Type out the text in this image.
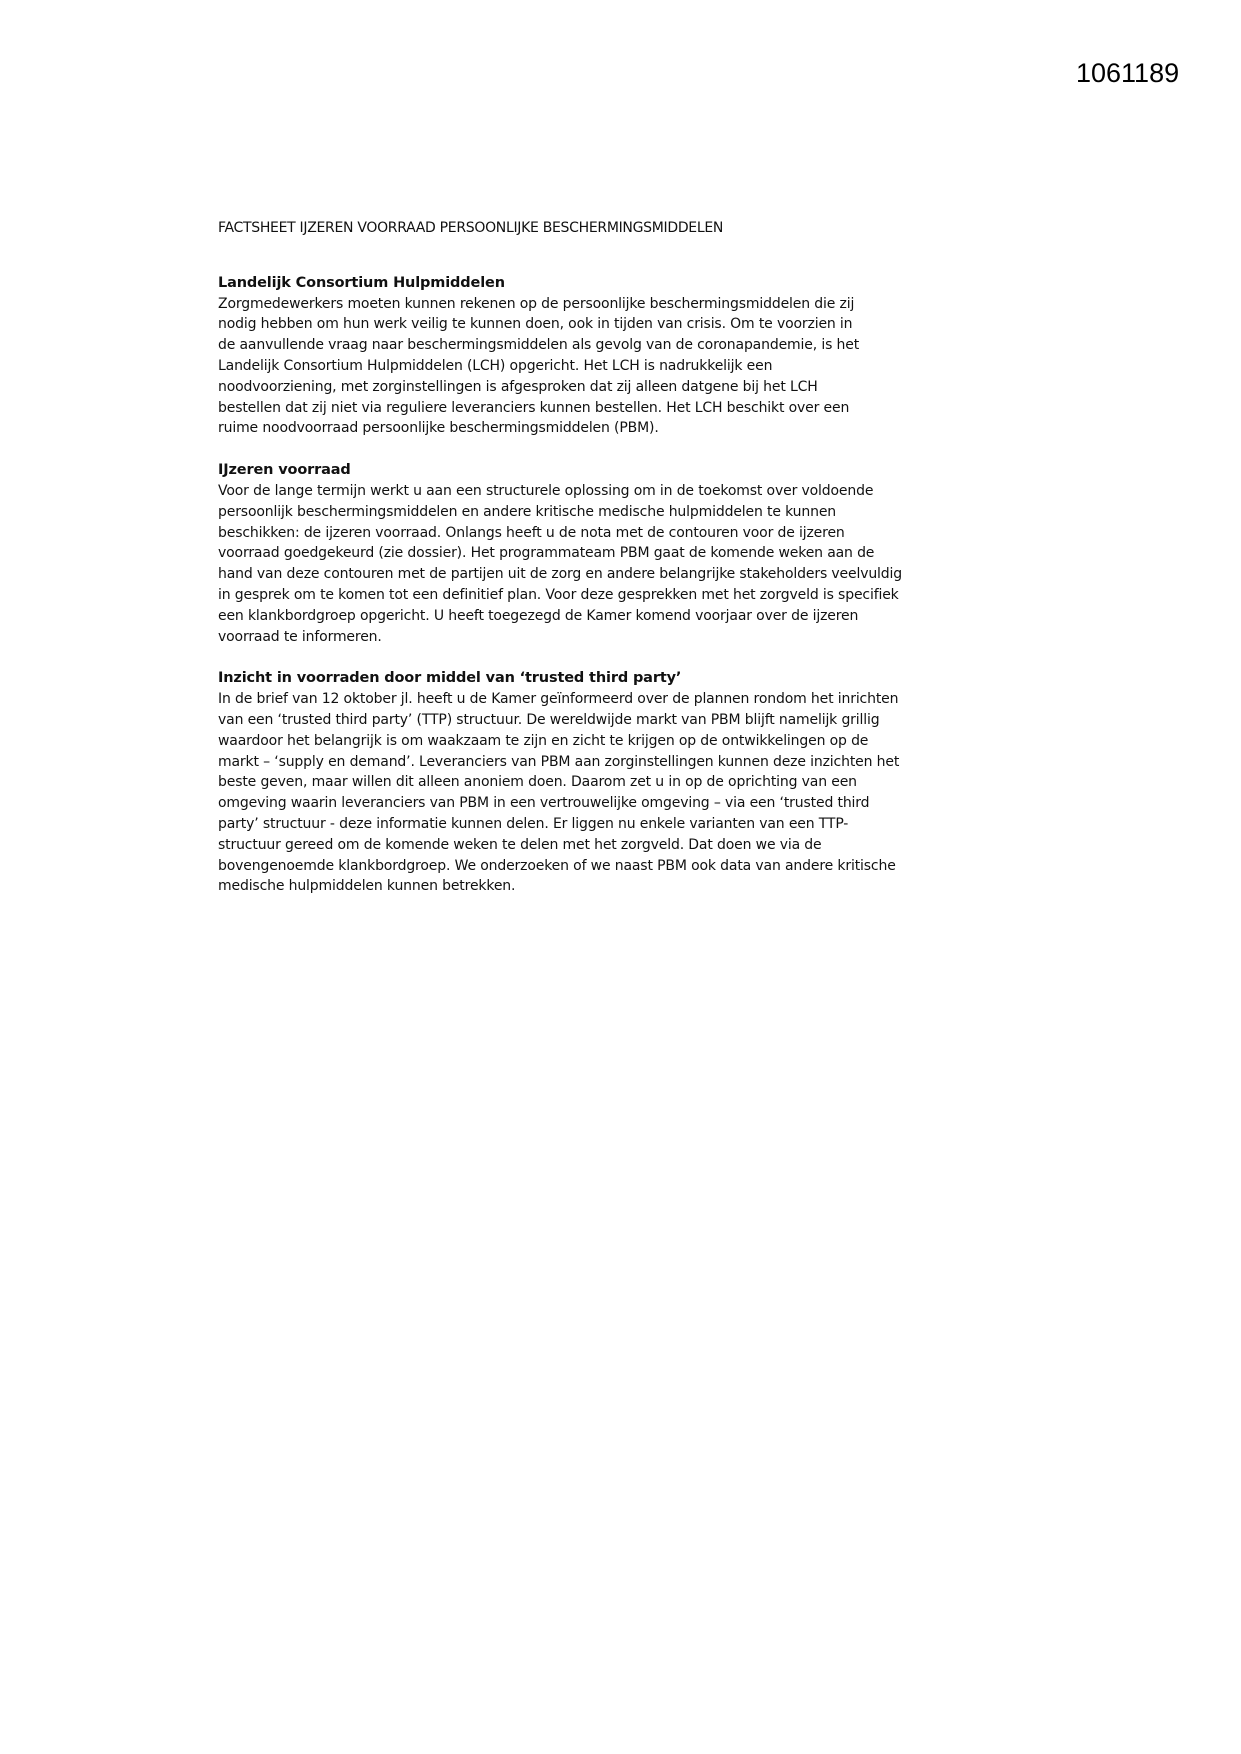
1061189
FACTSHEET IJZEREN VOORRAAD PERSOONLIJKE BESCHERMINGSMIDDELEN
Landelijk Consortium Hulpmiddelen
Zorgmedewerkers moeten kunnen rekenen op de persoonlijke beschermingsmiddelen die zij
nodig hebben om hun werk veilig te kunnen doen, ook in tijden van crisis. Om te voorzien in
de aanvullende vraag naar beschermingsmiddelen als gevolg van de coronapandemie, is het
Landelijk Consortium Hulpmiddelen (LCH) opgericht. Het LCH is nadrukkelijk een
noodvoorziening, met zorginstellingen is afgesproken dat zij alleen datgene bij het LCH
bestellen dat zij niet via reguliere leveranciers kunnen bestellen. Het LCH beschikt over een
ruime noodvoorraad persoonlijke beschermingsmiddelen (PBM).
IJzeren voorraad
Voor de lange termijn werkt u aan een structurele oplossing om in de toekomst over voldoende
persoonlijk beschermingsmiddelen en andere kritische medische hulpmiddelen te kunnen
beschikken: de ijzeren voorraad. Onlangs heeft u de nota met de contouren voor de ijzeren
voorraad goedgekeurd (zie dossier). Het programmateam PBM gaat de komende weken aan de
hand van deze contouren met de partijen uit de zorg en andere belangrijke stakeholders veelvuldig
in gesprek om te komen tot een definitief plan. Voor deze gesprekken met het zorgveld is specifiek
een klankbordgroep opgericht. U heeft toegezegd de Kamer komend voorjaar over de ijzeren
voorraad te informeren.
Inzicht in voorraden door middel van ‘trusted third party’
In de brief van 12 oktober jl. heeft u de Kamer geïnformeerd over de plannen rondom het inrichten
van een ‘trusted third party’ (TTP) structuur. De wereldwijde markt van PBM blijft namelijk grillig
waardoor het belangrijk is om waakzaam te zijn en zicht te krijgen op de ontwikkelingen op de
markt – ‘supply en demand’. Leveranciers van PBM aan zorginstellingen kunnen deze inzichten het
beste geven, maar willen dit alleen anoniem doen. Daarom zet u in op de oprichting van een
omgeving waarin leveranciers van PBM in een vertrouwelijke omgeving – via een ‘trusted third
party’ structuur - deze informatie kunnen delen. Er liggen nu enkele varianten van een TTP-
structuur gereed om de komende weken te delen met het zorgveld. Dat doen we via de
bovengenoemde klankbordgroep. We onderzoeken of we naast PBM ook data van andere kritische
medische hulpmiddelen kunnen betrekken.
